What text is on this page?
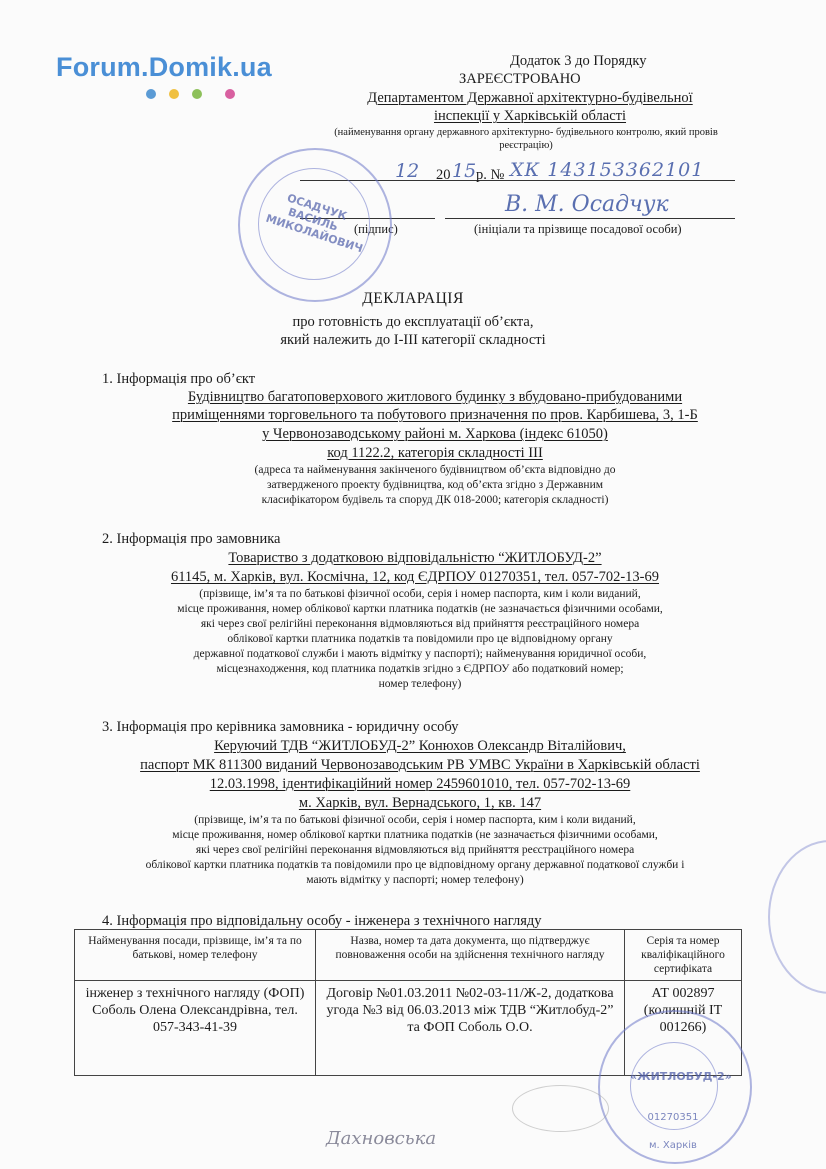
Forum.Domik.ua	Додаток 3 до Порядку
ЗАРЕЄСТРОВАНО
Департаментом Державної архітектурно-будівельної
інспекції у Харківській області
(найменування органу державного архітектурно- будівельного контролю, який провів реєстрацію)
12 20 15 р. № ХК 143153362101
В. М. Осадчук
(підпис)	(ініціали та прізвище посадової особи)
ОСАДЧУК ВАСИЛЬ МИКОЛАЙОВИЧ
ДЕКЛАРАЦІЯ
про готовність до експлуатації об’єкта,
який належить до І-ІІІ категорії складності
1. Інформація про об’єкт
Будівництво багатоповерхового житлового будинку з вбудовано-прибудованими
приміщеннями торговельного та побутового призначення по пров. Карбишева, 3, 1-Б
у Червонозаводському районі м. Харкова (індекс 61050)
код 1122.2, категорія складності ІІІ
(адреса та найменування закінченого будівництвом об’єкта відповідно до
затвердженого проекту будівництва, код об’єкта згідно з Державним
класифікатором будівель та споруд ДК 018-2000; категорія складності)
2. Інформація про замовника
Товариство з додатковою відповідальністю “ЖИТЛОБУД-2”
61145, м. Харків, вул. Космічна, 12, код ЄДРПОУ 01270351, тел. 057-702-13-69
(прізвище, ім’я та по батькові фізичної особи, серія і номер паспорта, ким і коли виданий,
місце проживання, номер облікової картки платника податків (не зазначається фізичними особами,
які через свої релігійні переконання відмовляються від прийняття реєстраційного номера
облікової картки платника податків та повідомили про це відповідному органу
державної податкової служби і мають відмітку у паспорті); найменування юридичної особи,
місцезнаходження, код платника податків згідно з ЄДРПОУ або податковий номер;
номер телефону)
3. Інформація про керівника замовника - юридичну особу
Керуючий ТДВ “ЖИТЛОБУД-2” Конюхов Олександр Віталійович,
паспорт МК 811300 виданий Червонозаводським РВ УМВС України в Харківській області
12.03.1998, ідентифікаційний номер 2459601010, тел. 057-702-13-69
м. Харків, вул. Вернадського, 1, кв. 147
(прізвище, ім’я та по батькові фізичної особи, серія і номер паспорта, ким і коли виданий,
місце проживання, номер облікової картки платника податків (не зазначається фізичними особами,
які через свої релігійні переконання відмовляються від прийняття реєстраційного номера
облікової картки платника податків та повідомили про це відповідному органу державної податкової служби і
мають відмітку у паспорті; номер телефону)
4. Інформація про відповідальну особу - інженера з технічного нагляду
Найменування посади, прізвище, ім’я та по батькові, номер телефону	Назва, номер та дата документа, що підтверджує повноваження особи на здійснення технічного нагляду	Серія та номер кваліфікаційного сертифіката
інженер з технічного нагляду (ФОП) Соболь Олена Олександрівна, тел. 057-343-41-39	Договір №01.03.2011 №02-03-11/Ж-2, додаткова угода №3 від 06.03.2013 між ТДВ “Житлобуд-2” та ФОП Соболь О.О.	АТ 002897 (колишній ІТ 001266)
«ЖИТЛОБУД-2»
01270351
м. Харків
Дахновська
